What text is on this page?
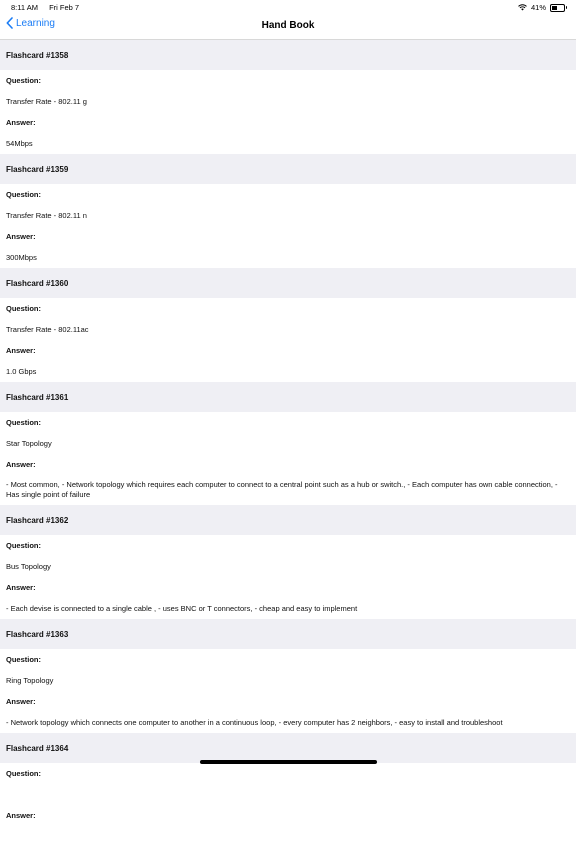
8:11 AM Fri Feb 7	41%
Learning	Hand Book
Flashcard #1358
Question:
Transfer Rate - 802.11 g
Answer:
54Mbps
Flashcard #1359
Question:
Transfer Rate - 802.11 n
Answer:
300Mbps
Flashcard #1360
Question:
Transfer Rate - 802.11ac
Answer:
1.0 Gbps
Flashcard #1361
Question:
Star Topology
Answer:
- Most common, - Network topology which requires each computer to connect to a central point such as a hub or switch., - Each computer has own cable connection, - Has single point of failure
Flashcard #1362
Question:
Bus Topology
Answer:
- Each devise is connected to a single cable , - uses BNC or T connectors, - cheap and easy to implement
Flashcard #1363
Question:
Ring Topology
Answer:
- Network topology which connects one computer to another in a continuous loop, - every computer has 2 neighbors, - easy to install and troubleshoot
Flashcard #1364
Question:
Answer:
